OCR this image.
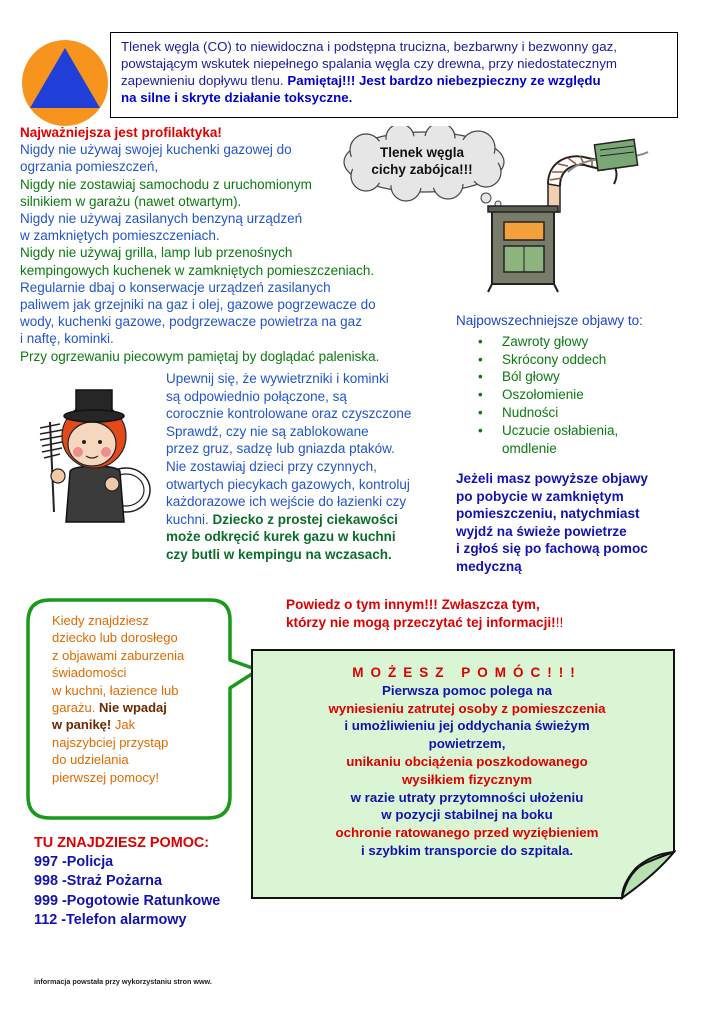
Tlenek węgla (CO) to niewidoczna i podstępna trucizna, bezbarwny i bezwonny gaz,
powstającym wskutek niepełnego spalania węgla czy drewna, przy niedostatecznym
zapewnieniu dopływu tlenu. Pamiętaj!!! Jest bardzo niebezpieczny ze względu
na silne i skryte działanie toksyczne.
Najważniejsza jest profilaktyka!
Nigdy nie używaj swojej kuchenki gazowej do
ogrzania pomieszczeń,
Nigdy nie zostawiaj samochodu z uruchomionym
silnikiem w garażu (nawet otwartym).
Nigdy nie używaj zasilanych benzyną urządzeń
w zamkniętych pomieszczeniach.
Nigdy nie używaj grilla, lamp lub przenośnych
kempingowych kuchenek w zamkniętych pomieszczeniach.
Regularnie dbaj o konserwacje urządzeń zasilanych
paliwem jak grzejniki na gaz i olej, gazowe pogrzewacze do
wody, kuchenki gazowe, podgrzewacze powietrza na gaz
i naftę, kominki.
Przy ogrzewaniu piecowym pamiętaj by doglądać paleniska.
Tlenek węgla
cichy zabójca!!!
Upewnij się, że wywietrzniki i kominki
są odpowiednio połączone, są
corocznie kontrolowane oraz czyszczone
Sprawdź, czy nie są zablokowane
przez gruz, sadzę lub gniazda ptaków.
Nie zostawiaj dzieci przy czynnych,
otwartych piecykach gazowych, kontroluj
każdorazowe ich wejście do łazienki czy
kuchni. Dziecko z prostej ciekawości
może odkręcić kurek gazu w kuchni
czy butli w kempingu na wczasach.
Najpowszechniejsze objawy to:
• Zawroty głowy
• Skrócony oddech
• Ból głowy
• Oszołomienie
• Nudności
• Uczucie osłabienia,
omdlenie
Jeżeli masz powyższe objawy
po pobycie w zamkniętym
pomieszczeniu, natychmiast
wyjdź na świeże powietrze
i zgłoś się po fachową pomoc
medyczną
Kiedy znajdziesz
dziecko lub dorosłego
z objawami zaburzenia
świadomości
w kuchni, łazience lub
garażu. Nie wpadaj
w panikę! Jak
najszybciej przystąp
do udzielania
pierwszej pomocy!
Powiedz o tym innym!!! Zwłaszcza tym,
którzy nie mogą przeczytać tej informacji!!!
MOŻESZ POMÓC!!!
Pierwsza pomoc polega na
wyniesieniu zatrutej osoby z pomieszczenia
i umożliwieniu jej oddychania świeżym
powietrzem,
unikaniu obciążenia poszkodowanego
wysiłkiem fizycznym
w razie utraty przytomności ułożeniu
w pozycji stabilnej na boku
ochronie ratowanego przed wyziębieniem
i szybkim transporcie do szpitala.
TU ZNAJDZIESZ POMOC:
997 -Policja
998 -Straż Pożarna
999 -Pogotowie Ratunkowe
112 -Telefon alarmowy
informacja powstała przy wykorzystaniu stron www.
